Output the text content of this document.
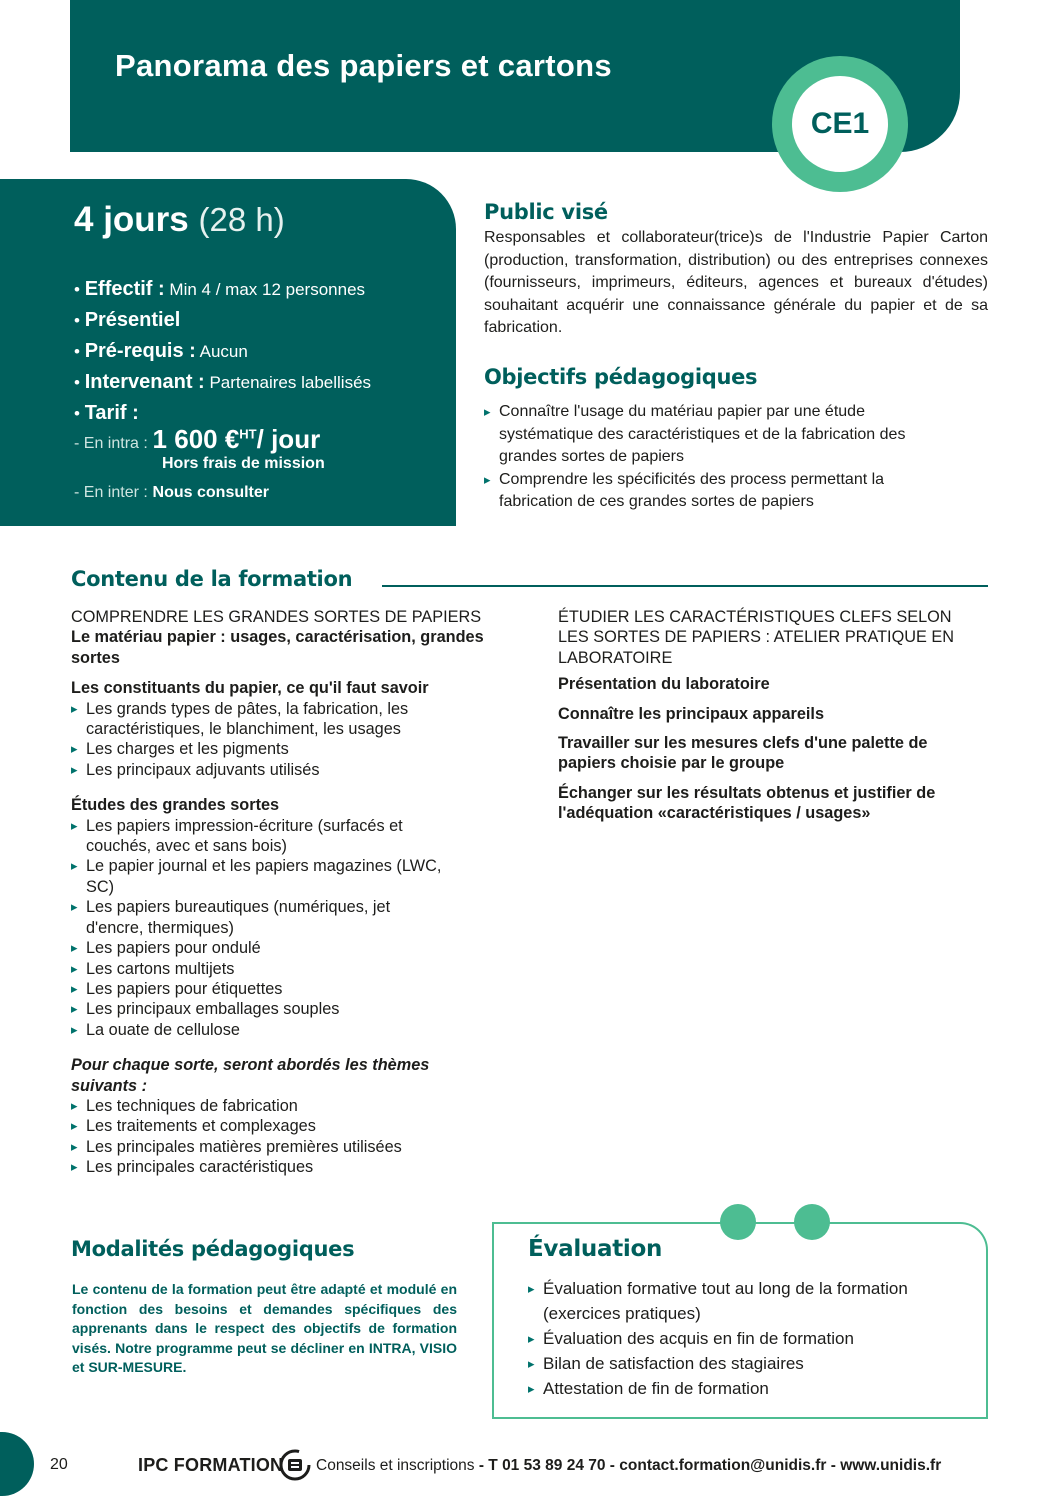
Panorama des papiers et cartons
CE1
4 jours (28 h)
• Effectif : Min 4 / max 12 personnes
• Présentiel
• Pré-requis : Aucun
• Intervenant : Partenaires labellisés
• Tarif :
- En intra : 1 600 €$^{HT}$/ jour
Hors frais de mission
- En inter : Nous consulter
Public visé
Responsables et collaborateur(trice)s de l'Industrie Papier Carton (production, transformation, distribution) ou des entreprises connexes (fournisseurs, imprimeurs, éditeurs, agences et bureaux d'études) souhaitant acquérir une connaissance générale du papier et de sa fabrication.
Objectifs pédagogiques
▸ Connaître l'usage du matériau papier par une étude systématique des caractéristiques et de la fabrication des grandes sortes de papiers
▸ Comprendre les spécificités des process permettant la fabrication de ces grandes sortes de papiers
Contenu de la formation
COMPRENDRE LES GRANDES SORTES DE PAPIERS
Le matériau papier : usages, caractérisation, grandes sortes
Les constituants du papier, ce qu'il faut savoir
▸ Les grands types de pâtes, la fabrication, les caractéristiques, le blanchiment, les usages
▸ Les charges et les pigments
▸ Les principaux adjuvants utilisés
Études des grandes sortes
▸ Les papiers impression-écriture (surfacés et couchés, avec et sans bois)
▸ Le papier journal et les papiers magazines (LWC, SC)
▸ Les papiers bureautiques (numériques, jet d'encre, thermiques)
▸ Les papiers pour ondulé
▸ Les cartons multijets
▸ Les papiers pour étiquettes
▸ Les principaux emballages souples
▸ La ouate de cellulose
Pour chaque sorte, seront abordés les thèmes suivants :
▸ Les techniques de fabrication
▸ Les traitements et complexages
▸ Les principales matières premières utilisées
▸ Les principales caractéristiques
ÉTUDIER LES CARACTÉRISTIQUES CLEFS SELON LES SORTES DE PAPIERS : ATELIER PRATIQUE EN LABORATOIRE
Présentation du laboratoire
Connaître les principaux appareils
Travailler sur les mesures clefs d'une palette de papiers choisie par le groupe
Échanger sur les résultats obtenus et justifier de l'adéquation «caractéristiques / usages»
Modalités pédagogiques
Le contenu de la formation peut être adapté et modulé en fonction des besoins et demandes spécifiques des apprenants dans le respect des objectifs de formation visés. Notre programme peut se décliner en INTRA, VISIO et SUR-MESURE.
Évaluation
▸ Évaluation formative tout au long de la formation (exercices pratiques)
▸ Évaluation des acquis en fin de formation
▸ Bilan de satisfaction des stagiaires
▸ Attestation de fin de formation
20	IPC FORMATION Conseils et inscriptions - T 01 53 89 24 70 - contact.formation@unidis.fr - www.unidis.fr
